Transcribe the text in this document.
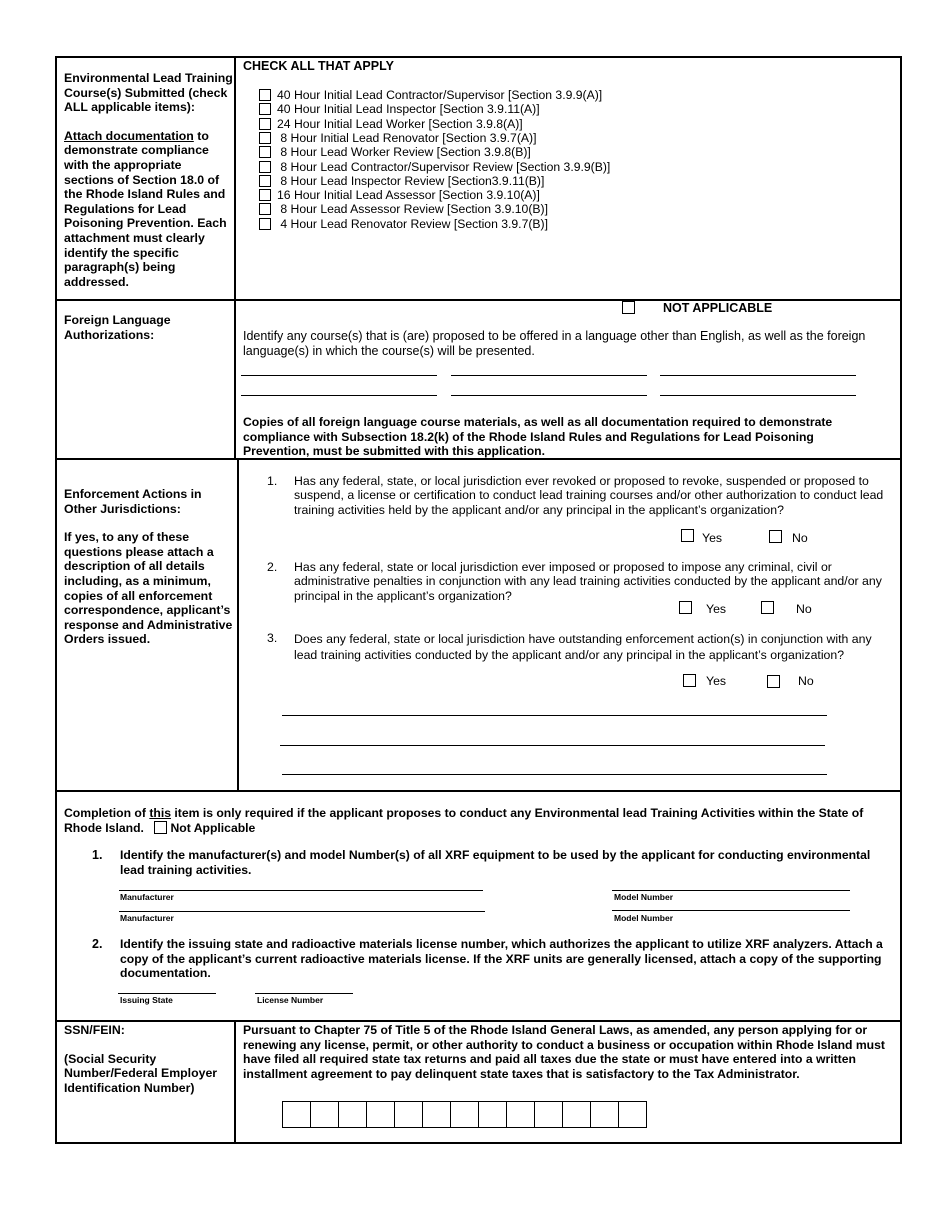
Environmental Lead Training Course(s) Submitted (check ALL applicable items):
Attach documentation to demonstrate compliance with the appropriate sections of Section 18.0 of the Rhode Island Rules and Regulations for Lead Poisoning Prevention. Each attachment must clearly identify the specific paragraph(s) being addressed.
CHECK ALL THAT APPLY
40 Hour Initial Lead Contractor/Supervisor [Section 3.9.9(A)]
40 Hour Initial Lead Inspector [Section 3.9.11(A)]
24 Hour Initial Lead Worker [Section 3.9.8(A)]
8 Hour Initial Lead Renovator [Section 3.9.7(A)]
8 Hour Lead Worker Review [Section 3.9.8(B)]
8 Hour Lead Contractor/Supervisor Review [Section 3.9.9(B)]
8 Hour Lead Inspector Review [Section3.9.11(B)]
16 Hour Initial Lead Assessor [Section 3.9.10(A)]
8 Hour Lead Assessor Review [Section 3.9.10(B)]
4 Hour Lead Renovator Review [Section 3.9.7(B)]
Foreign Language Authorizations:
NOT APPLICABLE
Identify any course(s) that is (are) proposed to be offered in a language other than English, as well as the foreign language(s) in which the course(s) will be presented.
Copies of all foreign language course materials, as well as all documentation required to demonstrate compliance with Subsection 18.2(k) of the Rhode Island Rules and Regulations for Lead Poisoning Prevention, must be submitted with this application.
Enforcement Actions in Other Jurisdictions:
If yes, to any of these questions please attach a description of all details including, as a minimum, copies of all enforcement correspondence, applicant’s response and Administrative Orders issued.
1. Has any federal, state, or local jurisdiction ever revoked or proposed to revoke, suspended or proposed to suspend, a license or certification to conduct lead training courses and/or other authorization to conduct lead training activities held by the applicant and/or any principal in the applicant’s organization?
Yes	No
2. Has any federal, state or local jurisdiction ever imposed or proposed to impose any criminal, civil or administrative penalties in conjunction with any lead training activities conducted by the applicant and/or any principal in the applicant’s organization?
Yes	No
3. Does any federal, state or local jurisdiction have outstanding enforcement action(s) in conjunction with any lead training activities conducted by the applicant and/or any principal in the applicant’s organization?
Yes	No
Completion of this item is only required if the applicant proposes to conduct any Environmental lead Training Activities within the State of Rhode Island. Not Applicable
1. Identify the manufacturer(s) and model Number(s) of all XRF equipment to be used by the applicant for conducting environmental lead training activities.
Manufacturer	Model Number
Manufacturer	Model Number
2. Identify the issuing state and radioactive materials license number, which authorizes the applicant to utilize XRF analyzers. Attach a copy of the applicant’s current radioactive materials license. If the XRF units are generally licensed, attach a copy of the supporting documentation.
Issuing State	License Number
SSN/FEIN:
(Social Security Number/Federal Employer Identification Number)
Pursuant to Chapter 75 of Title 5 of the Rhode Island General Laws, as amended, any person applying for or renewing any license, permit, or other authority to conduct a business or occupation within Rhode Island must have filed all required state tax returns and paid all taxes due the state or must have entered into a written installment agreement to pay delinquent state taxes that is satisfactory to the Tax Administrator.
